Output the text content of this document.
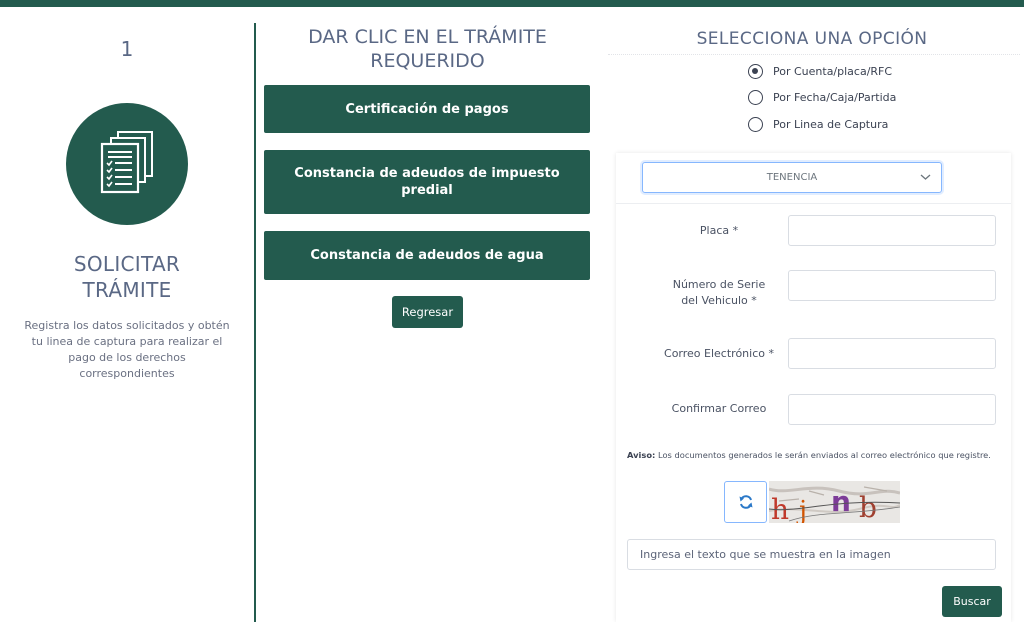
1
SOLICITAR
TRÁMITE
Registra los datos solicitados y obtén tu linea de captura para realizar el pago de los derechos correspondientes
DAR CLIC EN EL TRÁMITE
REQUERIDO
Certificación de pagos
Constancia de adeudos de impuesto predial
Constancia de adeudos de agua
Regresar
SELECCIONA UNA OPCIÓN
Por Cuenta/placa/RFC
Por Fecha/Caja/Partida
Por Linea de Captura
TENENCIA
Placa *
Número de Serie del Vehiculo *
Correo Electrónico *
Confirmar Correo
Aviso: Los documentos generados le serán enviados al correo electrónico que registre.
h j n b
Ingresa el texto que se muestra en la imagen
Buscar
